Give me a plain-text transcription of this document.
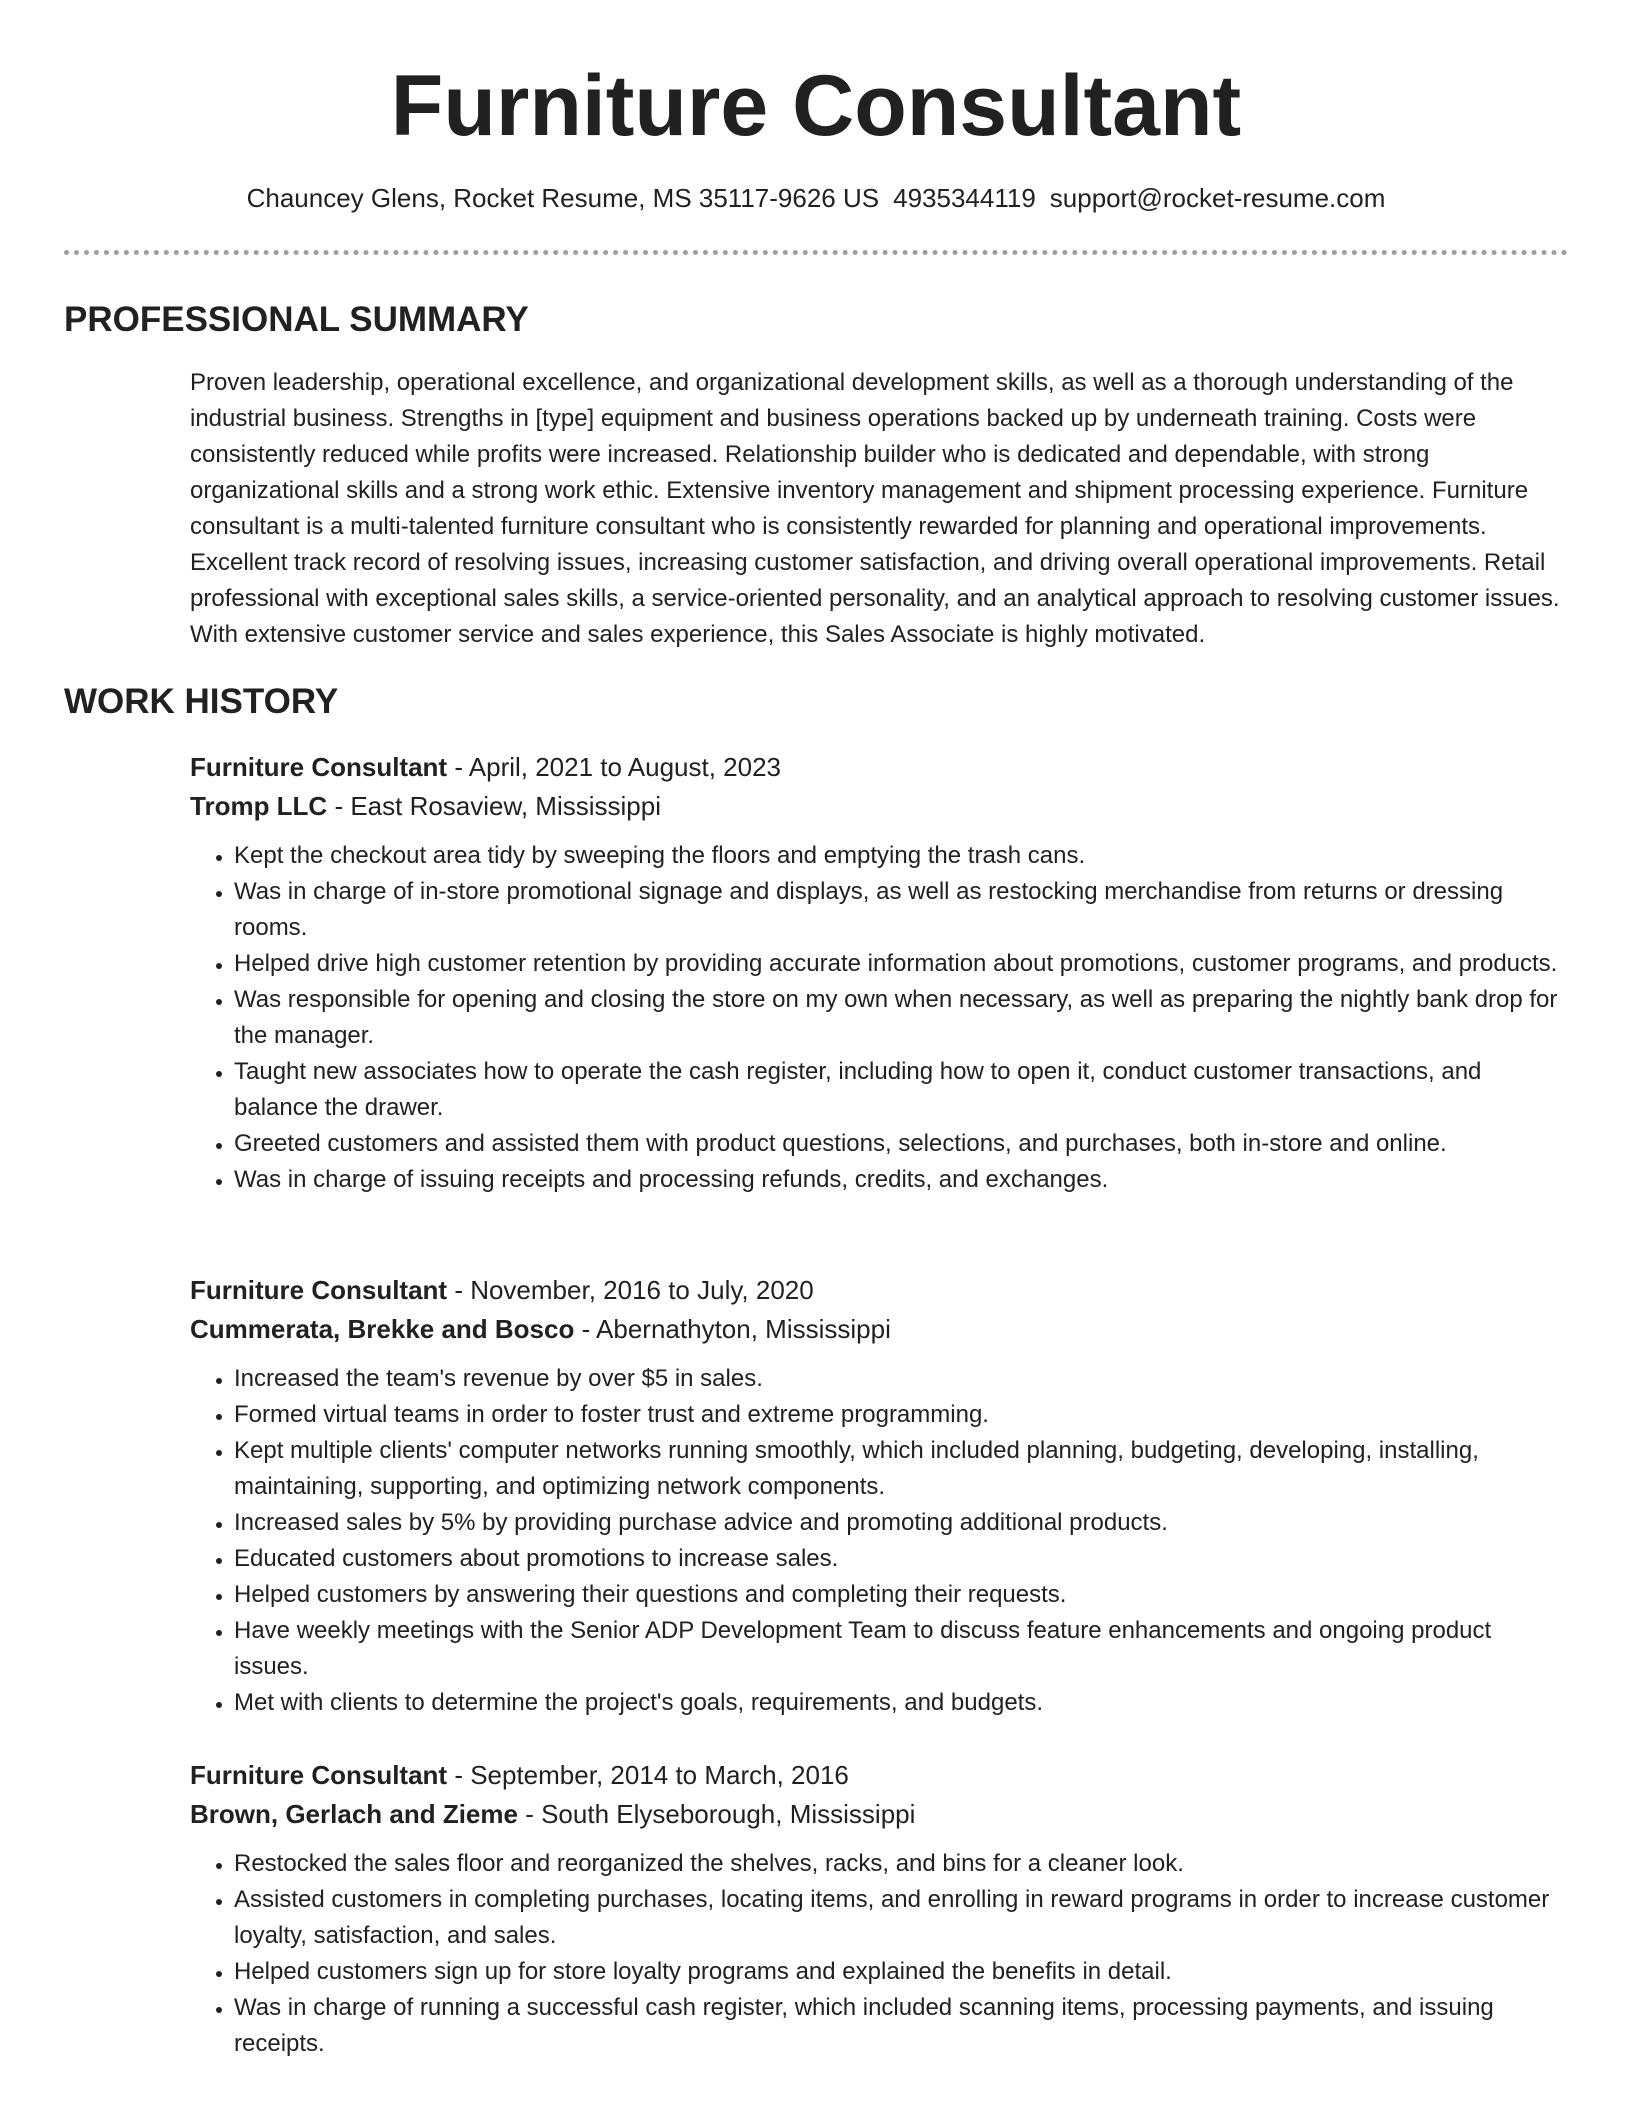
Furniture Consultant
Chauncey Glens, Rocket Resume, MS 35117-9626 US 4935344119 support@rocket-resume.com
PROFESSIONAL SUMMARY

Proven leadership, operational excellence, and organizational development skills, as well as a thorough understanding of the industrial business. Strengths in [type] equipment and business operations backed up by underneath training. Costs were consistently reduced while profits were increased. Relationship builder who is dedicated and dependable, with strong organizational skills and a strong work ethic. Extensive inventory management and shipment processing experience. Furniture consultant is a multi-talented furniture consultant who is consistently rewarded for planning and operational improvements. Excellent track record of resolving issues, increasing customer satisfaction, and driving overall operational improvements. Retail professional with exceptional sales skills, a service-oriented personality, and an analytical approach to resolving customer issues. With extensive customer service and sales experience, this Sales Associate is highly motivated.

WORK HISTORY
Furniture Consultant - April, 2021 to August, 2023
Tromp LLC - East Rosaview, Mississippi
• Kept the checkout area tidy by sweeping the floors and emptying the trash cans.
• Was in charge of in-store promotional signage and displays, as well as restocking merchandise from returns or dressing rooms.
• Helped drive high customer retention by providing accurate information about promotions, customer programs, and products.
• Was responsible for opening and closing the store on my own when necessary, as well as preparing the nightly bank drop for the manager.
• Taught new associates how to operate the cash register, including how to open it, conduct customer transactions, and balance the drawer.
• Greeted customers and assisted them with product questions, selections, and purchases, both in-store and online.
• Was in charge of issuing receipts and processing refunds, credits, and exchanges.
Furniture Consultant - November, 2016 to July, 2020
Cummerata, Brekke and Bosco - Abernathyton, Mississippi
• Increased the team's revenue by over $5 in sales.
• Formed virtual teams in order to foster trust and extreme programming.
• Kept multiple clients' computer networks running smoothly, which included planning, budgeting, developing, installing, maintaining, supporting, and optimizing network components.
• Increased sales by 5% by providing purchase advice and promoting additional products.
• Educated customers about promotions to increase sales.
• Helped customers by answering their questions and completing their requests.
• Have weekly meetings with the Senior ADP Development Team to discuss feature enhancements and ongoing product issues.
• Met with clients to determine the project's goals, requirements, and budgets.
Furniture Consultant - September, 2014 to March, 2016
Brown, Gerlach and Zieme - South Elyseborough, Mississippi
• Restocked the sales floor and reorganized the shelves, racks, and bins for a cleaner look.
• Assisted customers in completing purchases, locating items, and enrolling in reward programs in order to increase customer loyalty, satisfaction, and sales.
• Helped customers sign up for store loyalty programs and explained the benefits in detail.
• Was in charge of running a successful cash register, which included scanning items, processing payments, and issuing receipts.
